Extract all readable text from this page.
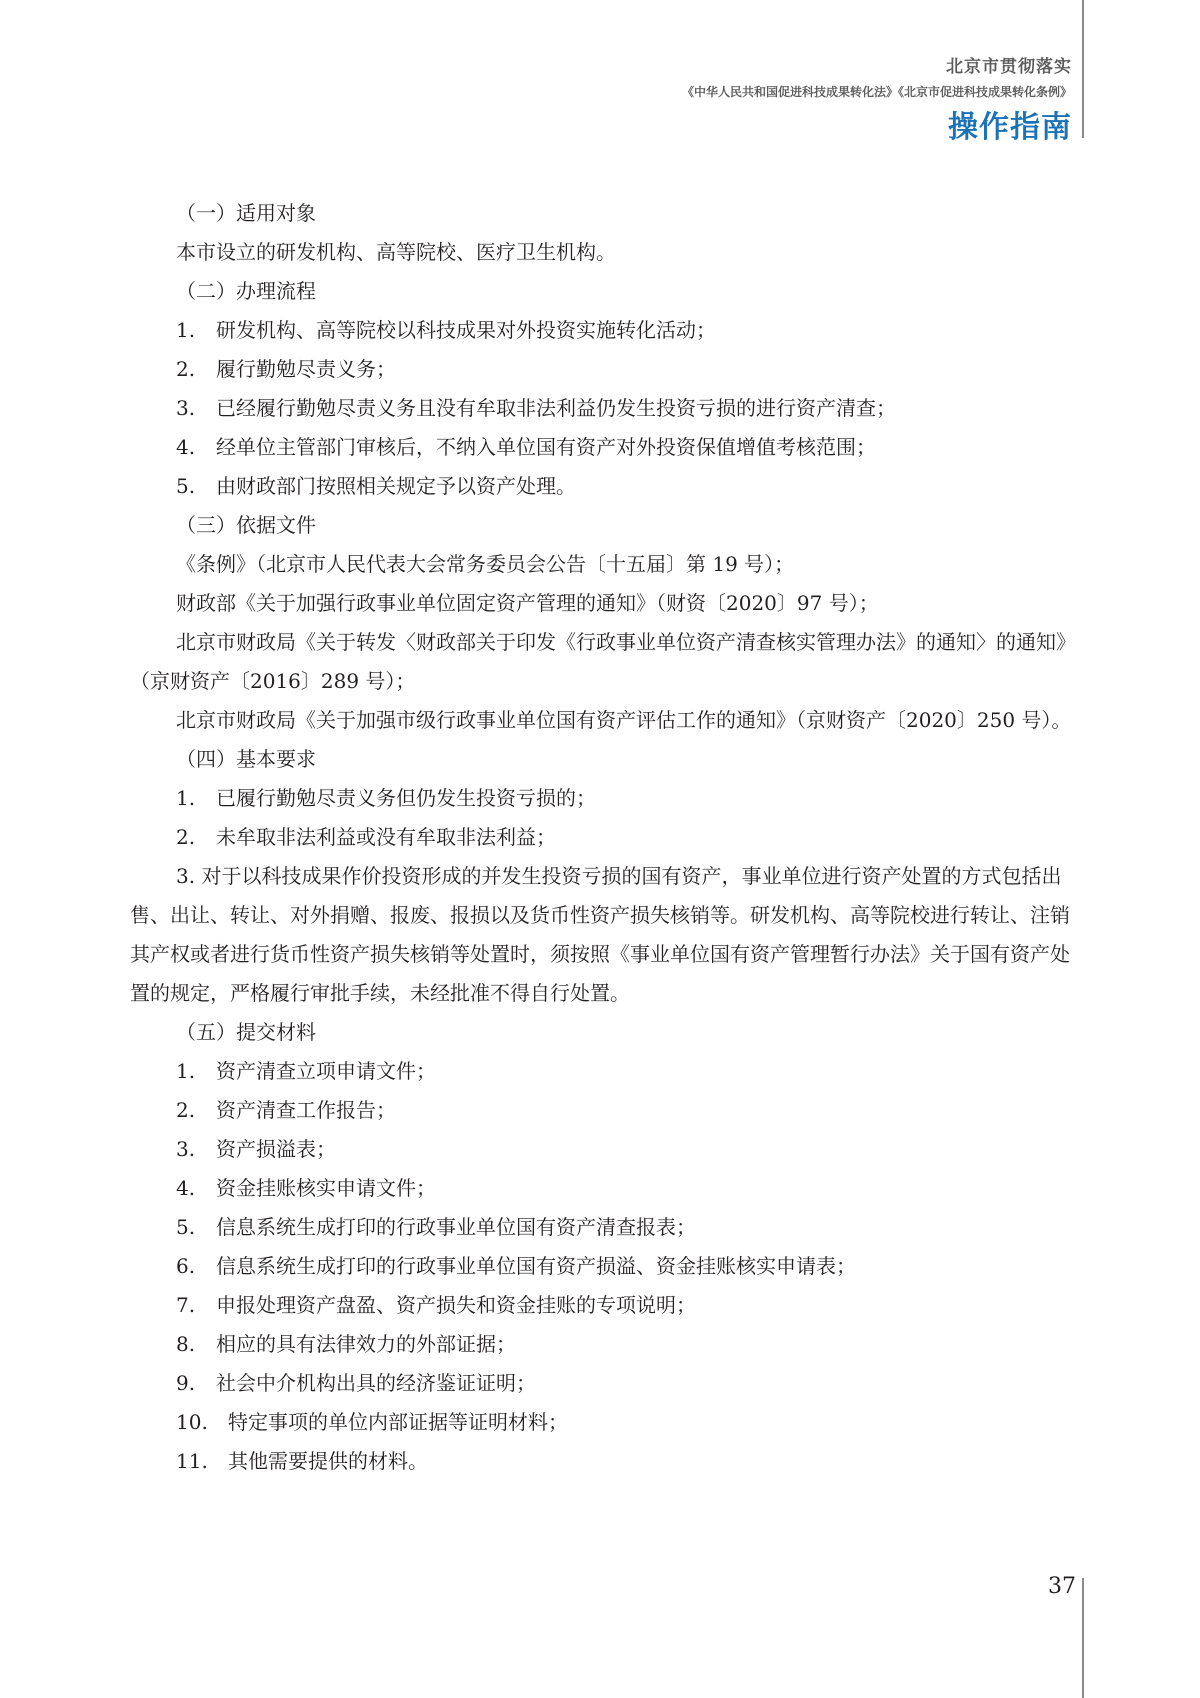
北京市贯彻落实
《中华人民共和国促进科技成果转化法》《北京市促进科技成果转化条例》
操作指南

（一）适用对象

本市设立的研发机构、高等院校、医疗卫生机构。

（二）办理流程

1. 研发机构、高等院校以科技成果对外投资实施转化活动；

2. 履行勤勉尽责义务；

3. 已经履行勤勉尽责义务且没有牟取非法利益仍发生投资亏损的进行资产清查；

4. 经单位主管部门审核后，不纳入单位国有资产对外投资保值增值考核范围；

5. 由财政部门按照相关规定予以资产处理。

（三）依据文件

《条例》（北京市人民代表大会常务委员会公告〔十五届〕第 19 号）；

财政部《关于加强行政事业单位固定资产管理的通知》（财资〔2020〕97 号）；

北京市财政局《关于转发〈财政部关于印发《行政事业单位资产清查核实管理办法》的通知〉的通知》（京财资产〔2016〕289 号）；

北京市财政局《关于加强市级行政事业单位国有资产评估工作的通知》（京财资产〔2020〕250 号）。

（四）基本要求

1. 已履行勤勉尽责义务但仍发生投资亏损的；

2. 未牟取非法利益或没有牟取非法利益；

3. 对于以科技成果作价投资形成的并发生投资亏损的国有资产，事业单位进行资产处置的方式包括出售、出让、转让、对外捐赠、报废、报损以及货币性资产损失核销等。研发机构、高等院校进行转让、注销其产权或者进行货币性资产损失核销等处置时，须按照《事业单位国有资产管理暂行办法》关于国有资产处置的规定，严格履行审批手续，未经批准不得自行处置。

（五）提交材料

1. 资产清查立项申请文件；

2. 资产清查工作报告；

3. 资产损溢表；

4. 资金挂账核实申请文件；

5. 信息系统生成打印的行政事业单位国有资产清查报表；

6. 信息系统生成打印的行政事业单位国有资产损溢、资金挂账核实申请表；

7. 申报处理资产盘盈、资产损失和资金挂账的专项说明；

8. 相应的具有法律效力的外部证据；

9. 社会中介机构出具的经济鉴证证明；

10. 特定事项的单位内部证据等证明材料；

11. 其他需要提供的材料。

37
